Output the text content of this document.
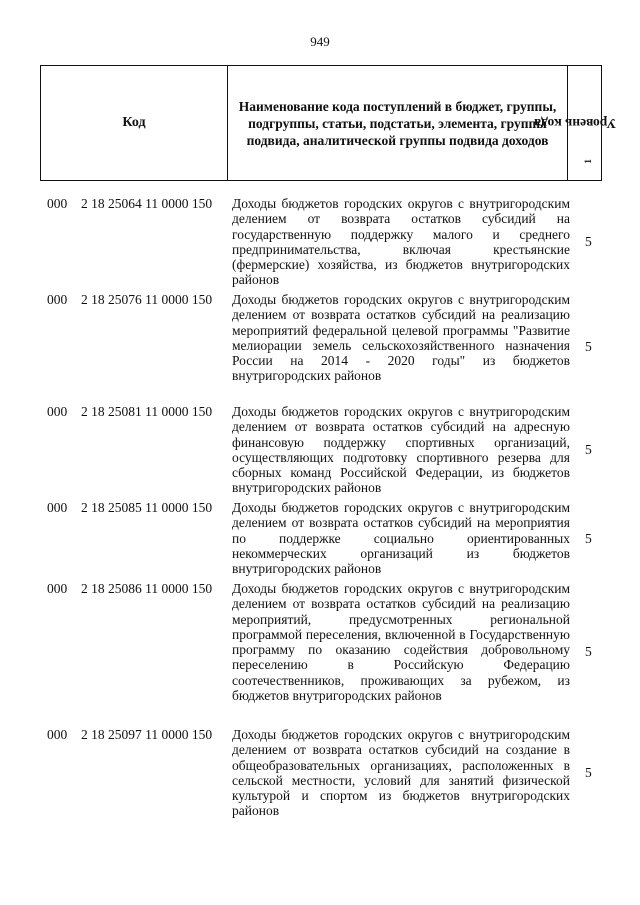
949
Код
Наименование кода поступлений в бюджет, группы, подгруппы, статьи, подстатьи, элемента, группы подвида, аналитической группы подвида доходов
Уровень кода
$^1$
000 2 18 25064 11 0000 150 Доходы бюджетов городских округов с внутригородским делением от возврата остатков субсидий на государственную поддержку малого и среднего предпринимательства, включая крестьянские (фермерские) хозяйства, из бюджетов внутригородских районов
5
000 2 18 25076 11 0000 150 Доходы бюджетов городских округов с внутригородским делением от возврата остатков субсидий на реализацию мероприятий федеральной целевой программы "Развитие мелиорации земель сельскохозяйственного назначения России на 2014 - 2020 годы" из бюджетов внутригородских районов
5
000 2 18 25081 11 0000 150 Доходы бюджетов городских округов с внутригородским делением от возврата остатков субсидий на адресную финансовую поддержку спортивных организаций, осуществляющих подготовку спортивного резерва для сборных команд Российской Федерации, из бюджетов внутригородских районов
5
000 2 18 25085 11 0000 150 Доходы бюджетов городских округов с внутригородским делением от возврата остатков субсидий на мероприятия по поддержке социально ориентированных некоммерческих организаций из бюджетов внутригородских районов
5
000 2 18 25086 11 0000 150 Доходы бюджетов городских округов с внутригородским делением от возврата остатков субсидий на реализацию мероприятий, предусмотренных региональной программой переселения, включенной в Государственную программу по оказанию содействия добровольному переселению в Российскую Федерацию соотечественников, проживающих за рубежом, из бюджетов внутригородских районов
5
000 2 18 25097 11 0000 150 Доходы бюджетов городских округов с внутригородским делением от возврата остатков субсидий на создание в общеобразовательных организациях, расположенных в сельской местности, условий для занятий физической культурой и спортом из бюджетов внутригородских районов
5
